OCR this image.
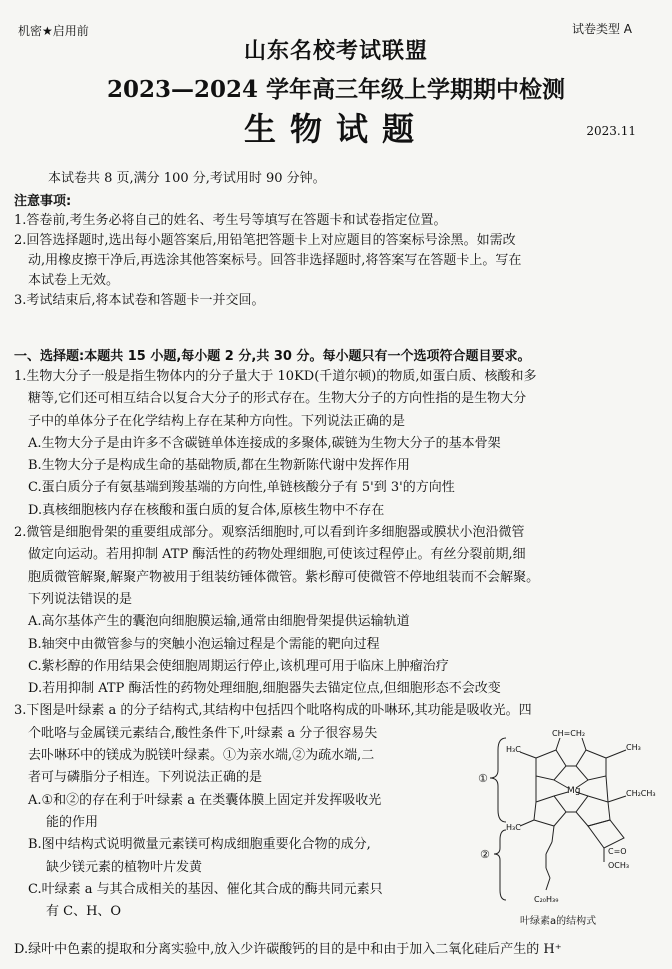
机密★启用前	试卷类型 A
山东名校考试联盟
2023—2024 学年高三年级上学期期中检测
生物试题	2023.11
本试卷共 8 页,满分 100 分,考试用时 90 分钟。
注意事项:

1.答卷前,考生务必将自己的姓名、考生号等填写在答题卡和试卷指定位置。

2.回答选择题时,选出每小题答案后,用铅笔把答题卡上对应题目的答案标号涂黑。如需改

动,用橡皮擦干净后,再选涂其他答案标号。回答非选择题时,将答案写在答题卡上。写在

本试卷上无效。

3.考试结束后,将本试卷和答题卡一并交回。

一、选择题:本题共 15 小题,每小题 2 分,共 30 分。每小题只有一个选项符合题目要求。

1.生物大分子一般是指生物体内的分子量大于 10KD(千道尔顿)的物质,如蛋白质、核酸和多

糖等,它们还可相互结合以复合大分子的形式存在。生物大分子的方向性指的是生物大分

子中的单体分子在化学结构上存在某种方向性。下列说法正确的是

A.生物大分子是由许多不含碳链单体连接成的多聚体,碳链为生物大分子的基本骨架

B.生物大分子是构成生命的基础物质,都在生物新陈代谢中发挥作用

C.蛋白质分子有氨基端到羧基端的方向性,单链核酸分子有 5'到 3'的方向性

D.真核细胞核内存在核酸和蛋白质的复合体,原核生物中不存在

2.微管是细胞骨架的重要组成部分。观察活细胞时,可以看到许多细胞器或膜状小泡沿微管

做定向运动。若用抑制 ATP 酶活性的药物处理细胞,可使该过程停止。有丝分裂前期,细

胞质微管解聚,解聚产物被用于组装纺锤体微管。紫杉醇可使微管不停地组装而不会解聚。

下列说法错误的是

A.高尔基体产生的囊泡向细胞膜运输,通常由细胞骨架提供运输轨道

B.轴突中由微管参与的突触小泡运输过程是个需能的靶向过程

C.紫杉醇的作用结果会使细胞周期运行停止,该机理可用于临床上肿瘤治疗

D.若用抑制 ATP 酶活性的药物处理细胞,细胞器失去锚定位点,但细胞形态不会改变

3.下图是叶绿素 a 的分子结构式,其结构中包括四个吡咯构成的卟啉环,其功能是吸收光。四

个吡咯与金属镁元素结合,酸性条件下,叶绿素 a 分子很容易失

去卟啉环中的镁成为脱镁叶绿素。①为亲水端,②为疏水端,二

者可与磷脂分子相连。下列说法正确的是

A.①和②的存在利于叶绿素 a 在类囊体膜上固定并发挥吸收光

能的作用

B.图中结构式说明微量元素镁可构成细胞重要化合物的成分,

缺少镁元素的植物叶片发黄

C.叶绿素 a 与其合成相关的基因、催化其合成的酶共同元素只

有 C、H、O

Mg
①
②
CH=CH₂
CH₃
H₃C
H₃C
CH₂CH₃
C=O
OCH₃
C₂₀H₃₉
叶绿素a的结构式
D.绿叶中色素的提取和分离实验中,放入少许碳酸钙的目的是中和由于加入二氧化硅后产生的 H⁺
